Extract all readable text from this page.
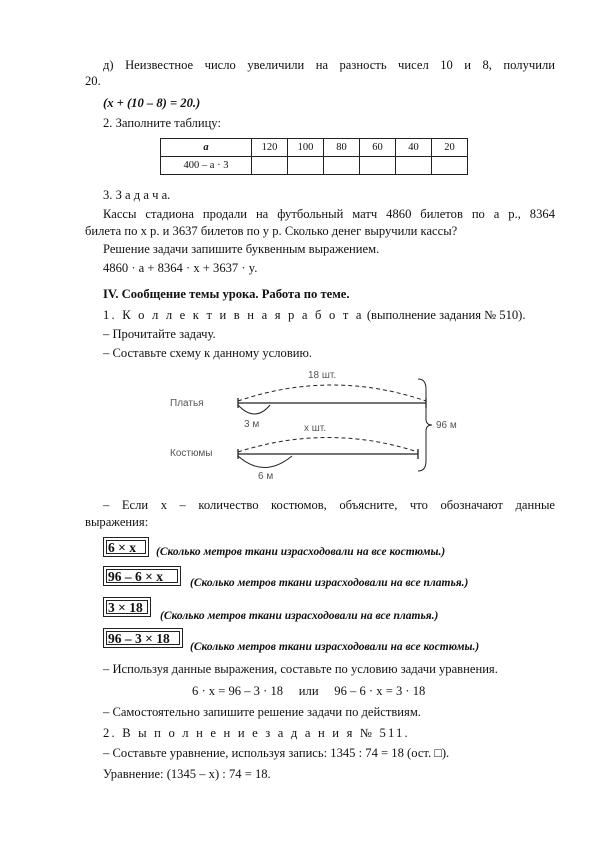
д) Неизвестное число увеличили на разность чисел 10 и 8, получили
20.
(x + (10 – 8) = 20.)
2. Заполните таблицу:
а	120	100	80	60	40	20
400 – а · 3						
3. З а д а ч а.
Кассы стадиона продали на футбольный матч 4860 билетов по а р., 8364
билета по x р. и 3637 билетов по y р. Сколько денег выручили кассы?
Решение задачи запишите буквенным выражением.
4860 · а + 8364 · x + 3637 · y.
IV. Сообщение темы урока. Работа по теме.
1. К о л л е к т и в н а я р а б о т а (выполнение задания № 510).
– Прочитайте задачу.
– Составьте схему к данному условию.
Платья
18 шт.
3 м
Костюмы
x шт.
6 м
96 м
– Если x – количество костюмов, объясните, что обозначают данные
выражения:
6 × x	(Сколько метров ткани израсходовали на все костюмы.)
96 – 6 × x	(Сколько метров ткани израсходовали на все платья.)
3 × 18
(Сколько метров ткани израсходовали на все платья.)
96 – 3 × 18
(Сколько метров ткани израсходовали на все костюмы.)
– Используя данные выражения, составьте по условию задачи уравнения.
6 · x = 96 – 3 · 18     или     96 – 6 · x = 3 · 18
– Самостоятельно запишите решение задачи по действиям.
2. В ы п о л н е н и е з а д а н и я № 511.
– Составьте уравнение, используя запись: 1345 : 74 = 18 (ост. □).
Уравнение: (1345 – x) : 74 = 18.
